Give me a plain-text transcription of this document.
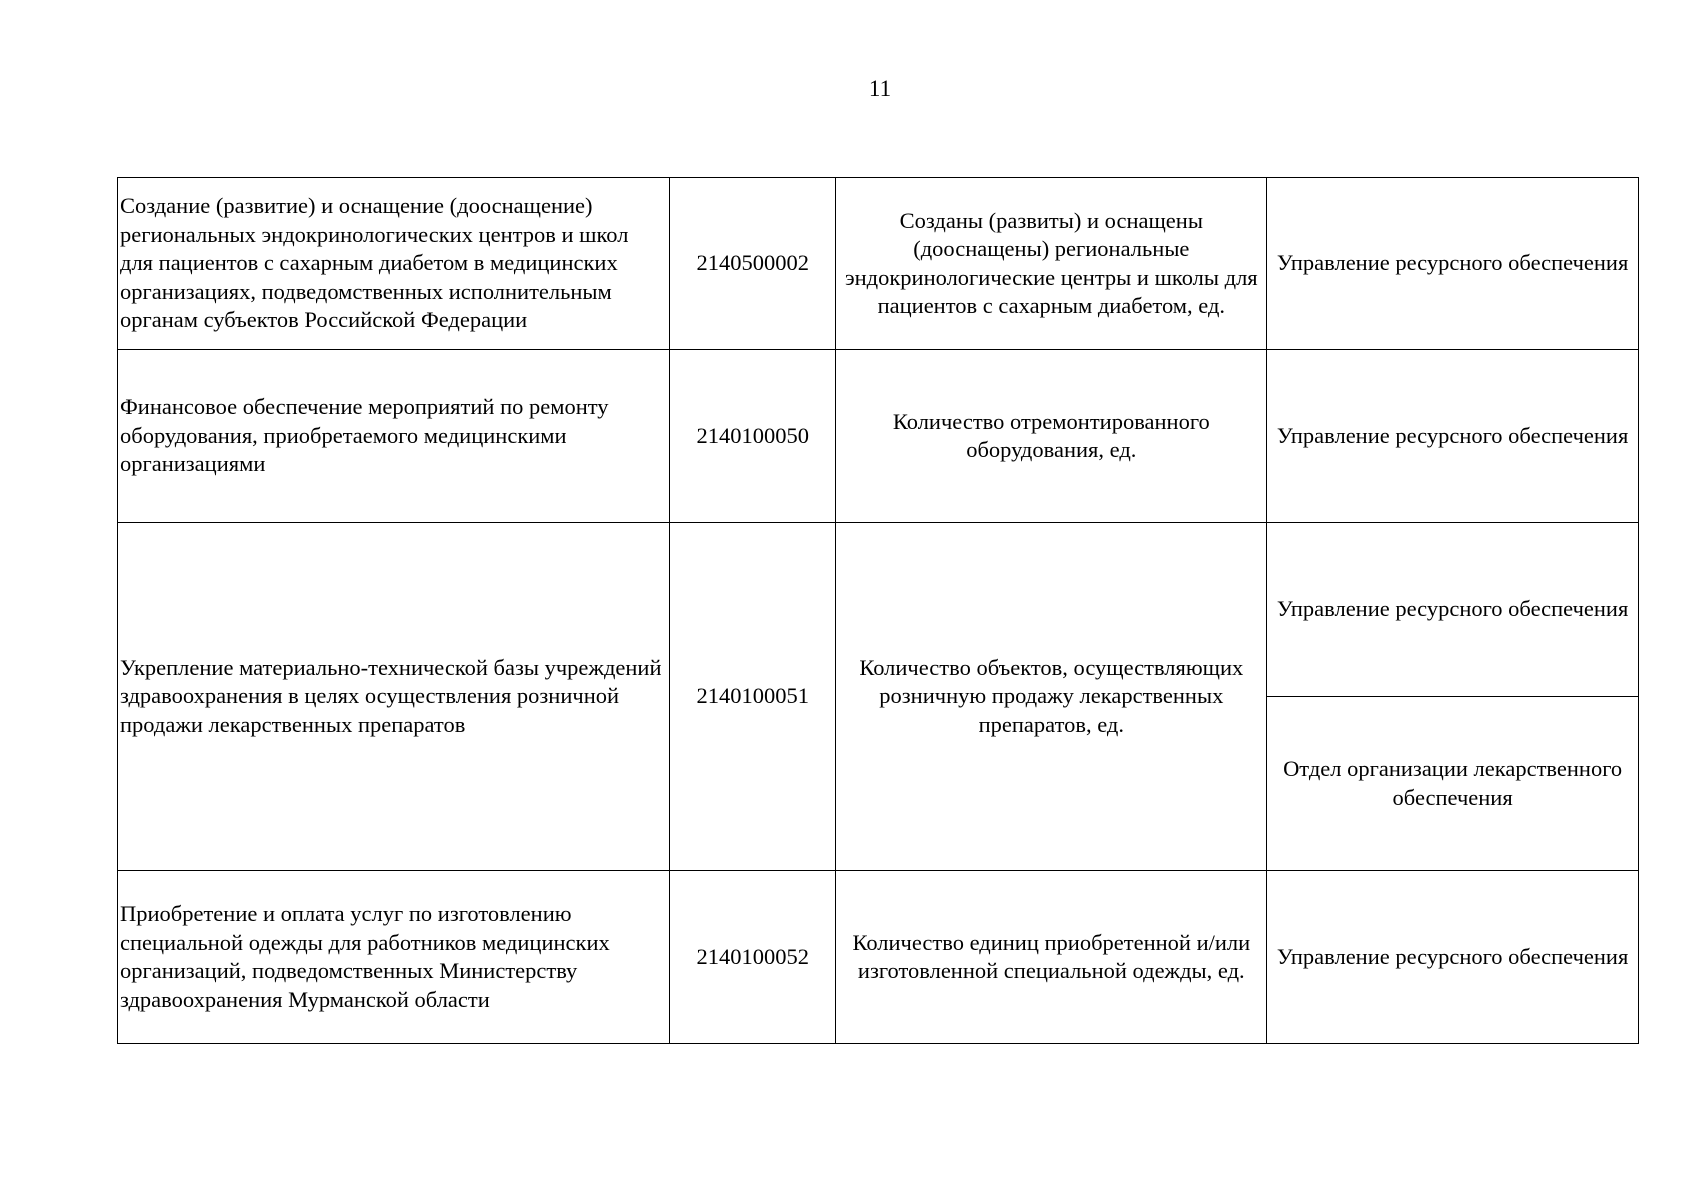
11
Создание (развитие) и оснащение (дооснащение) региональных эндокринологических центров и школ для пациентов с сахарным диабетом в медицинских организациях, подведомственных исполнительным органам субъектов Российской Федерации	2140500002	Созданы (развиты) и оснащены (дооснащены) региональные эндокринологические центры и школы для пациентов с сахарным диабетом, ед.	Управление ресурсного обеспечения
Финансовое обеспечение мероприятий по ремонту оборудования, приобретаемого медицинскими организациями	2140100050	Количество отремонтированного оборудования, ед.	Управление ресурсного обеспечения
Укрепление материально-технической базы учреждений здравоохранения в целях осуществления розничной продажи лекарственных препаратов	2140100051	Количество объектов, осуществляющих розничную продажу лекарственных препаратов, ед.	Управление ресурсного обеспечения
			Отдел организации лекарственного обеспечения
Приобретение и оплата услуг по изготовлению специальной одежды для работников медицинских организаций, подведомственных Министерству здравоохранения Мурманской области	2140100052	Количество единиц приобретенной и/или изготовленной специальной одежды, ед.	Управление ресурсного обеспечения
